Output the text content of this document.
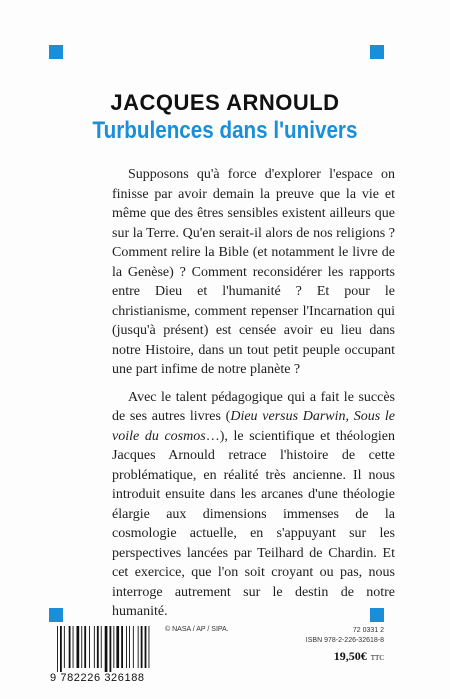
JACQUES ARNOULD
Turbulences dans l'univers

Supposons qu'à force d'explorer l'espace on finisse par avoir demain la preuve que la vie et même que des êtres sensibles existent ailleurs que sur la Terre. Qu'en serait-il alors de nos religions ? Comment relire la Bible (et notamment le livre de la Genèse) ? Comment reconsidérer les rapports entre Dieu et l'humanité ? Et pour le christianisme, comment repenser l'Incarnation qui (jusqu'à présent) est censée avoir eu lieu dans notre Histoire, dans un tout petit peuple occupant une part infime de notre planète ?

Avec le talent pédagogique qui a fait le succès de ses autres livres (Dieu versus Darwin, Sous le voile du cosmos…), le scientifique et théologien Jacques Arnould retrace l'histoire de cette problématique, en réalité très ancienne. Il nous introduit ensuite dans les arcanes d'une théologie élargie aux dimensions immenses de la cosmologie actuelle, en s'appuyant sur les perspectives lancées par Teilhard de Chardin. Et cet exercice, que l'on soit croyant ou pas, nous interroge autrement sur le destin de notre humanité.

9 782226 326188
© NASA / AP / SIPA.	72 0331 2
ISBN 978-2-226-32618-8
19,50€ TTC
